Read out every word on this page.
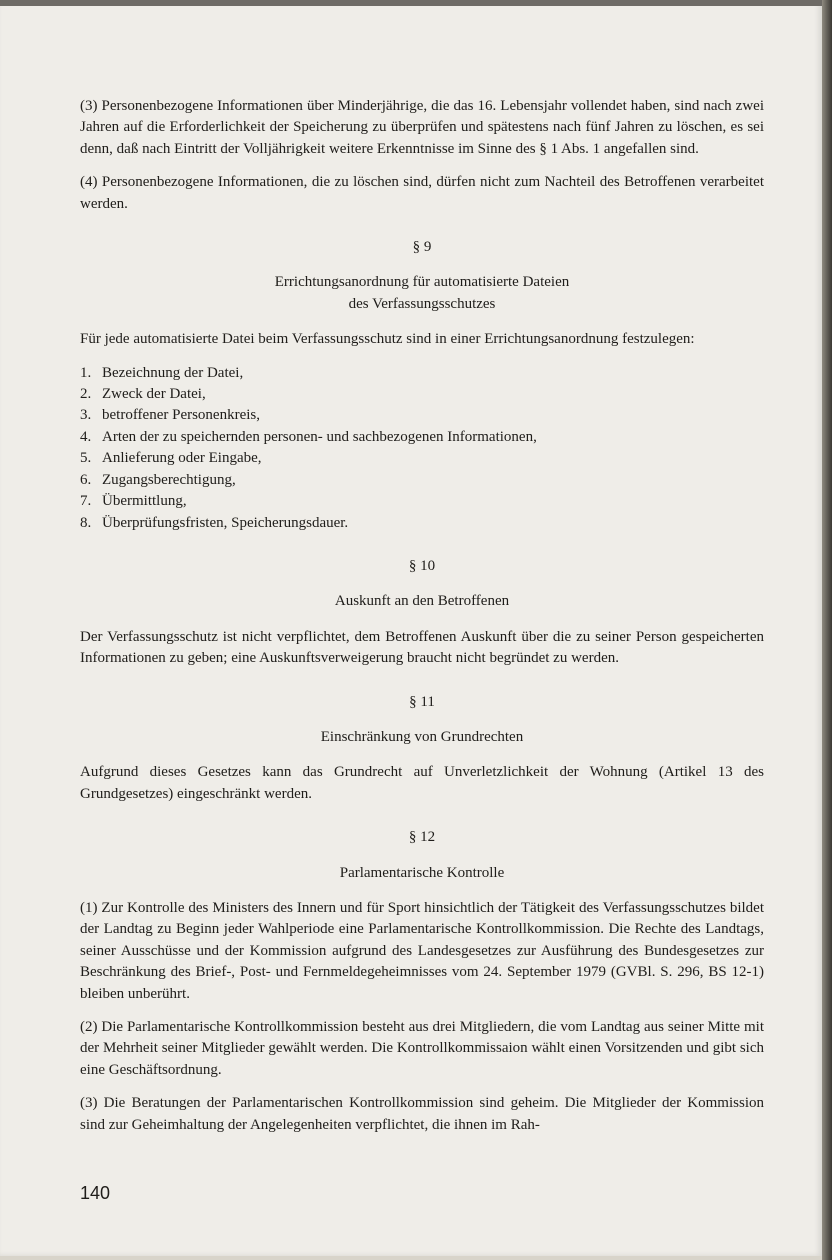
(3) Personenbezogene Informationen über Minderjährige, die das 16. Lebensjahr vollendet haben, sind nach zwei Jahren auf die Erforderlichkeit der Speicherung zu überprüfen und spätestens nach fünf Jahren zu löschen, es sei denn, daß nach Eintritt der Volljährigkeit weitere Erkenntnisse im Sinne des § 1 Abs. 1 angefallen sind.

(4) Personenbezogene Informationen, die zu löschen sind, dürfen nicht zum Nachteil des Betroffenen verarbeitet werden.

§ 9
Errichtungsanordnung für automatisierte Dateien
des Verfassungsschutzes

Für jede automatisierte Datei beim Verfassungsschutz sind in einer Errichtungsanordnung festzulegen:

1. Bezeichnung der Datei,
2. Zweck der Datei,
3. betroffener Personenkreis,
4. Arten der zu speichernden personen- und sachbezogenen Informationen,
5. Anlieferung oder Eingabe,
6. Zugangsberechtigung,
7. Übermittlung,
8. Überprüfungsfristen, Speicherungsdauer.
§ 10
Auskunft an den Betroffenen

Der Verfassungsschutz ist nicht verpflichtet, dem Betroffenen Auskunft über die zu seiner Person gespeicherten Informationen zu geben; eine Auskunftsverweigerung braucht nicht begründet zu werden.

§ 11
Einschränkung von Grundrechten

Aufgrund dieses Gesetzes kann das Grundrecht auf Unverletzlichkeit der Wohnung (Artikel 13 des Grundgesetzes) eingeschränkt werden.

§ 12
Parlamentarische Kontrolle

(1) Zur Kontrolle des Ministers des Innern und für Sport hinsichtlich der Tätigkeit des Verfassungsschutzes bildet der Landtag zu Beginn jeder Wahlperiode eine Parlamentarische Kontrollkommission. Die Rechte des Landtags, seiner Ausschüsse und der Kommission aufgrund des Landesgesetzes zur Ausführung des Bundesgesetzes zur Beschränkung des Brief-, Post- und Fernmeldegeheimnisses vom 24. September 1979 (GVBl. S. 296, BS 12-1) bleiben unberührt.

(2) Die Parlamentarische Kontrollkommission besteht aus drei Mitgliedern, die vom Landtag aus seiner Mitte mit der Mehrheit seiner Mitglieder gewählt werden. Die Kontrollkommissaion wählt einen Vorsitzenden und gibt sich eine Geschäftsordnung.

(3) Die Beratungen der Parlamentarischen Kontrollkommission sind geheim. Die Mitglieder der Kommission sind zur Geheimhaltung der Angelegenheiten verpflichtet, die ihnen im Rah-

140
